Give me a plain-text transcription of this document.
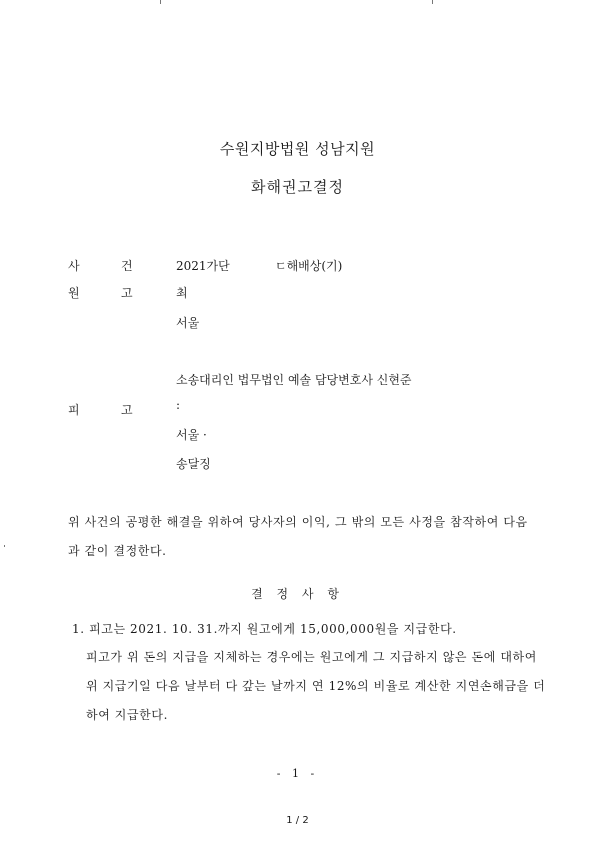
수원지방법원 성남지원
화해권고결정
사	건	2021가단	ㄷ해배상(기)
원	고	최
서울
소송대리인 법무법인 예솔 담당변호사 신현준
피	고	:
서울 ·
송달징
위 사건의 공평한 해결을 위하여 당사자의 이익, 그 밖의 모든 사정을 참작하여 다음
과 같이 결정한다.
결 정 사 항
1. 피고는 2021. 10. 31.까지 원고에게 15,000,000원을 지급한다.
피고가 위 돈의 지급을 지체하는 경우에는 원고에게 그 지급하지 않은 돈에 대하여
위 지급기일 다음 날부터 다 갚는 날까지 연 12%의 비율로 계산한 지연손해금을 더
하여 지급한다.
- 1 -
1 / 2
